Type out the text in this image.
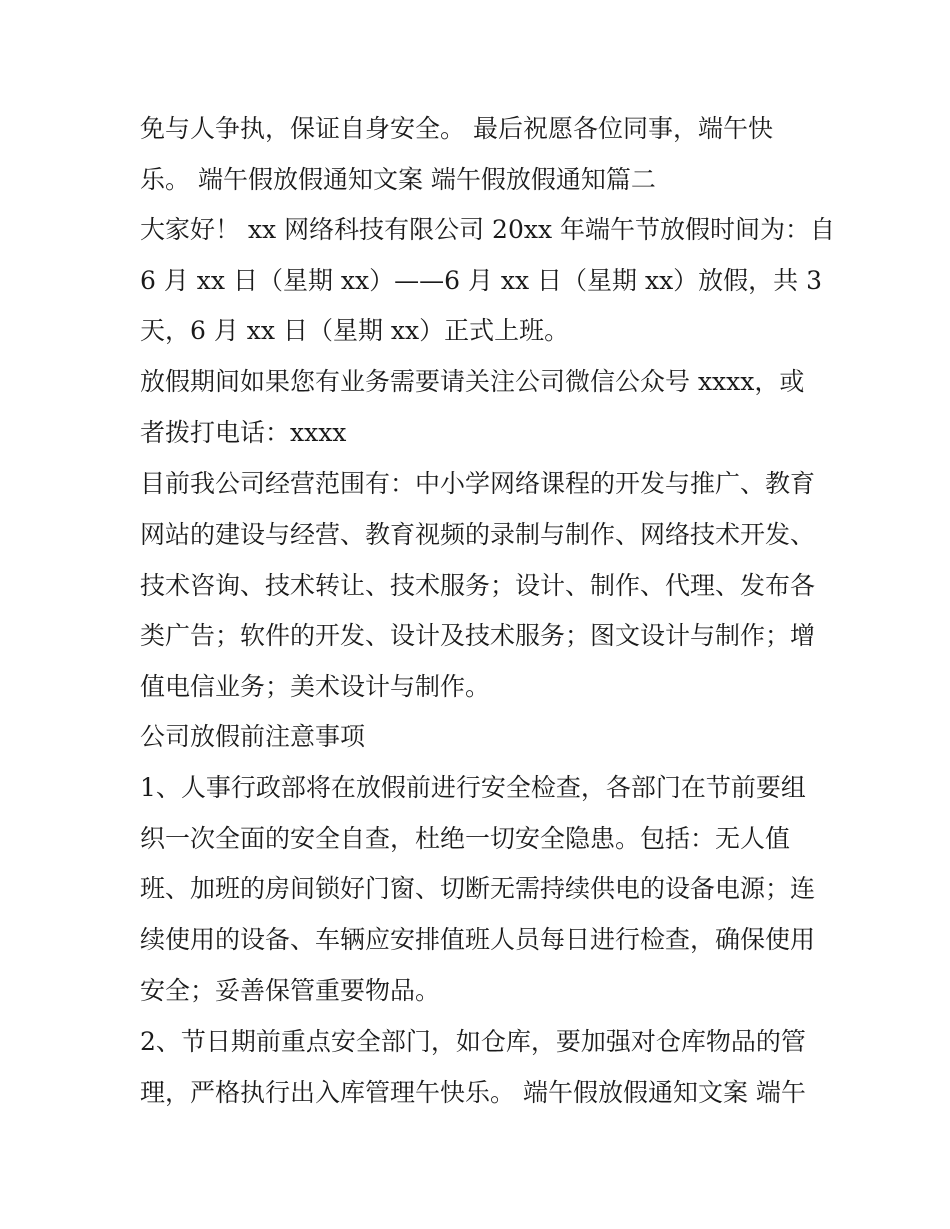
免与人争执，保证自身安全。 最后祝愿各位同事，端午快
乐。 端午假放假通知文案 端午假放假通知篇二
大家好！ xx 网络科技有限公司 20xx 年端午节放假时间为：自
6 月 xx 日（星期 xx）——6 月 xx 日（星期 xx）放假，共 3
天，6 月 xx 日（星期 xx）正式上班。
放假期间如果您有业务需要请关注公司微信公众号 xxxx，或
者拨打电话：xxxx
目前我公司经营范围有：中小学网络课程的开发与推广、教育
网站的建设与经营、教育视频的录制与制作、网络技术开发、
技术咨询、技术转让、技术服务；设计、制作、代理、发布各
类广告；软件的开发、设计及技术服务；图文设计与制作；增
值电信业务；美术设计与制作。
公司放假前注意事项
1、人事行政部将在放假前进行安全检查，各部门在节前要组
织一次全面的安全自查，杜绝一切安全隐患。包括：无人值
班、加班的房间锁好门窗、切断无需持续供电的设备电源；连
续使用的设备、车辆应安排值班人员每日进行检查，确保使用
安全；妥善保管重要物品。
2、节日期前重点安全部门，如仓库，要加强对仓库物品的管
理，严格执行出入库管理午快乐。 端午假放假通知文案 端午
